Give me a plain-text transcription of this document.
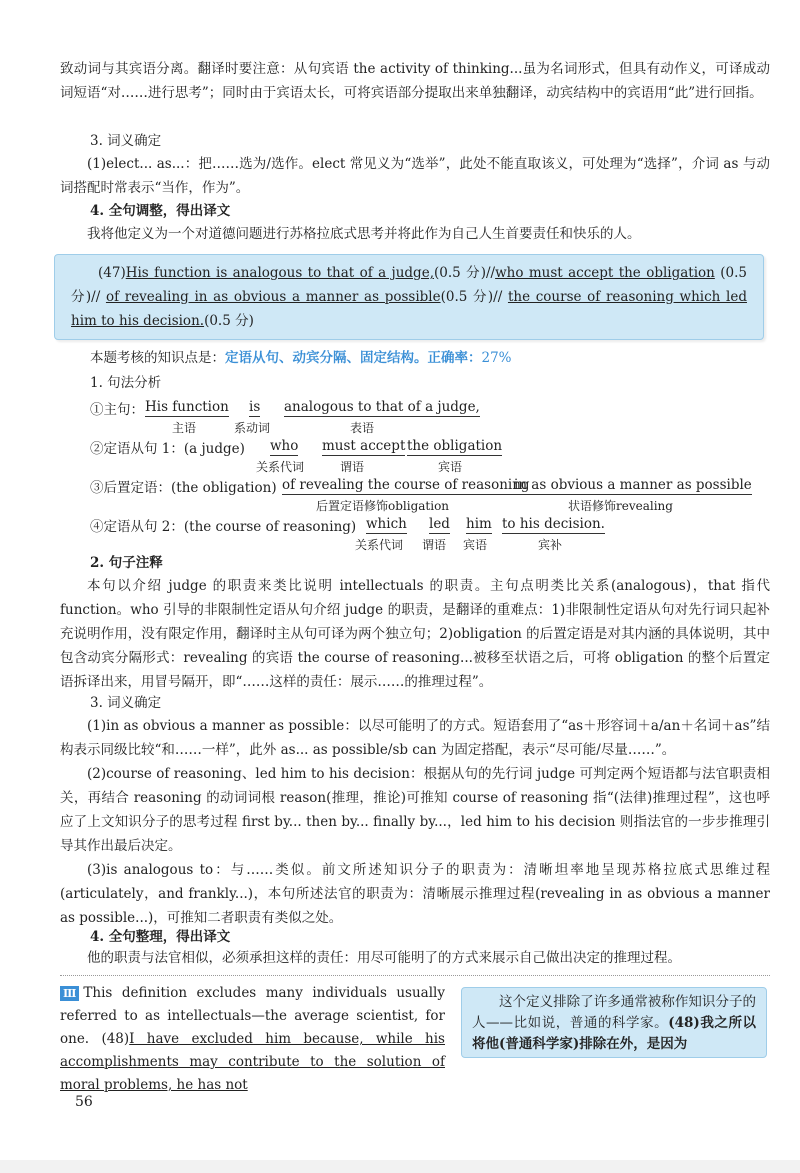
致动词与其宾语分离。翻译时要注意：从句宾语 the activity of thinking...虽为名词形式，但具有动作义，可译成动词短语“对……进行思考”；同时由于宾语太长，可将宾语部分提取出来单独翻译，动宾结构中的宾语用“此”进行回指。

3. 词义确定

(1)elect... as...：把……选为/选作。elect 常见义为“选举”，此处不能直取该义，可处理为“选择”，介词 as 与动词搭配时常表示“当作，作为”。

4. 全句调整，得出译文

我将他定义为一个对道德问题进行苏格拉底式思考并将此作为自己人生首要责任和快乐的人。

(47)His function is analogous to that of a judge,(0.5 分)//who must accept the obligation (0.5 分)// of revealing in as obvious a manner as possible(0.5 分)// the course of reasoning which led him to his decision.(0.5 分)

本题考核的知识点是：定语从句、动宾分隔、固定结构。正确率：27%

1. 句法分析

①主句： His function
主语
is
系动词
analogous to that of a judge,
表语
②定语从句 1：(a judge) who
关系代词
must accept
谓语
the obligation
宾语
③后置定语：(the obligation) of revealing the course of reasoning
后置定语修饰obligation
in as obvious a manner as possible
状语修饰revealing
④定语从句 2：(the course of reasoning) which
关系代词
led
谓语
him
宾语
to his decision.
宾补

2. 句子注释

本句以介绍 judge 的职责来类比说明 intellectuals 的职责。主句点明类比关系(analogous)，that 指代 function。who 引导的非限制性定语从句介绍 judge 的职责，是翻译的重难点：1)非限制性定语从句对先行词只起补充说明作用，没有限定作用，翻译时主从句可译为两个独立句；2)obligation 的后置定语是对其内涵的具体说明，其中包含动宾分隔形式：revealing 的宾语 the course of reasoning...被移至状语之后，可将 obligation 的整个后置定语拆译出来，用冒号隔开，即“……这样的责任：展示……的推理过程”。

3. 词义确定

(1)in as obvious a manner as possible：以尽可能明了的方式。短语套用了“as＋形容词＋a/an＋名词＋as”结构表示同级比较“和……一样”，此外 as... as possible/sb can 为固定搭配，表示“尽可能/尽量……”。

(2)course of reasoning、led him to his decision：根据从句的先行词 judge 可判定两个短语都与法官职责相关，再结合 reasoning 的动词词根 reason(推理，推论)可推知 course of reasoning 指“(法律)推理过程”，这也呼应了上文知识分子的思考过程 first by... then by... finally by...，led him to his decision 则指法官的一步步推理引导其作出最后决定。

(3)is analogous to：与……类似。前文所述知识分子的职责为：清晰坦率地呈现苏格拉底式思维过程(articulately，and frankly...)，本句所述法官的职责为：清晰展示推理过程(revealing in as obvious a manner as possible...)，可推知二者职责有类似之处。

4. 全句整理，得出译文

他的职责与法官相似，必须承担这样的责任：用尽可能明了的方式来展示自己做出决定的推理过程。

Ⅲ This definition excludes many individuals usually referred to as intellectuals—the average scientist, for one. (48)I have excluded him because, while his accomplishments may contribute to the solution of moral problems, he has not

这个定义排除了许多通常被称作知识分子的人——比如说，普通的科学家。(48)我之所以将他(普通科学家)排除在外，是因为

56
